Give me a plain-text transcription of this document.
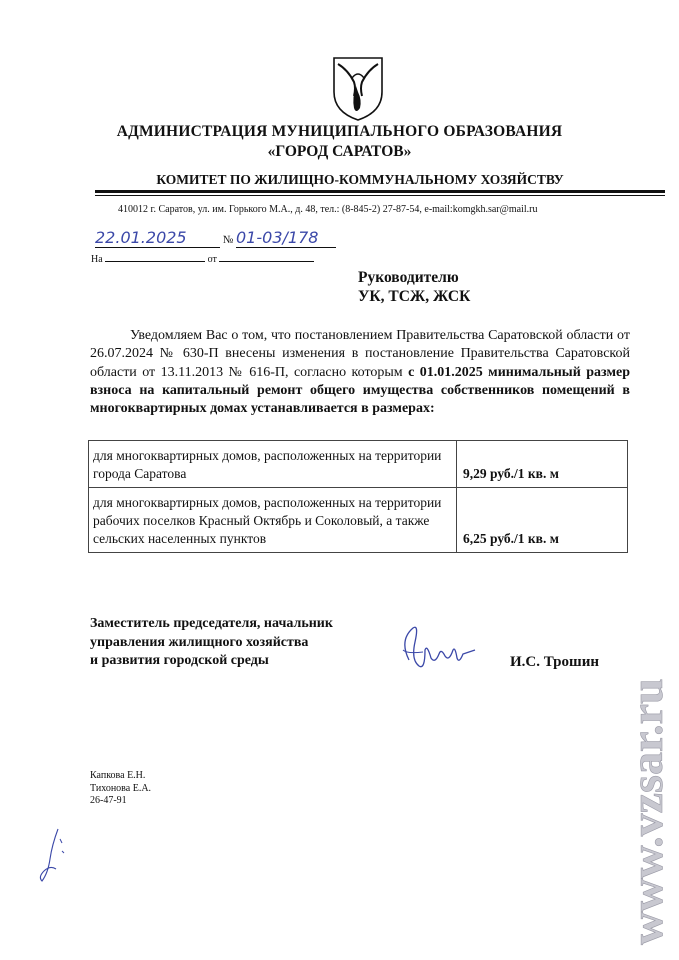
АДМИНИСТРАЦИЯ МУНИЦИПАЛЬНОГО ОБРАЗОВАНИЯ
«ГОРОД САРАТОВ»
КОМИТЕТ ПО ЖИЛИЩНО-КОММУНАЛЬНОМУ ХОЗЯЙСТВУ
410012 г. Саратов, ул. им. Горького М.А., д. 48, тел.: (8-845-2) 27-87-54, e-mail:komgkh.sar@mail.ru
22.01.2025	№ 01-03/178
На	от
Руководителю
УК, ТСЖ, ЖСК

Уведомляем Вас о том, что постановлением Правительства Саратовской области от 26.07.2024 № 630-П внесены изменения в постановление Правительства Саратовской области от 13.11.2013 № 616-П, согласно которым с 01.01.2025 минимальный размер взноса на капитальный ремонт общего имущества собственников помещений в многоквартирных домах устанавливается в размерах:

для многоквартирных домов, расположенных на территории города Саратова	9,29 руб./1 кв. м
для многоквартирных домов, расположенных на территории рабочих поселков Красный Октябрь и Соколовый, а также сельских населенных пунктов	6,25 руб./1 кв. м
Заместитель председателя, начальник
управления жилищного хозяйства
и развития городской среды	И.С. Трошин
Капкова Е.Н.
Тихонова Е.А.
26-47-91	www.vzsar.ru
